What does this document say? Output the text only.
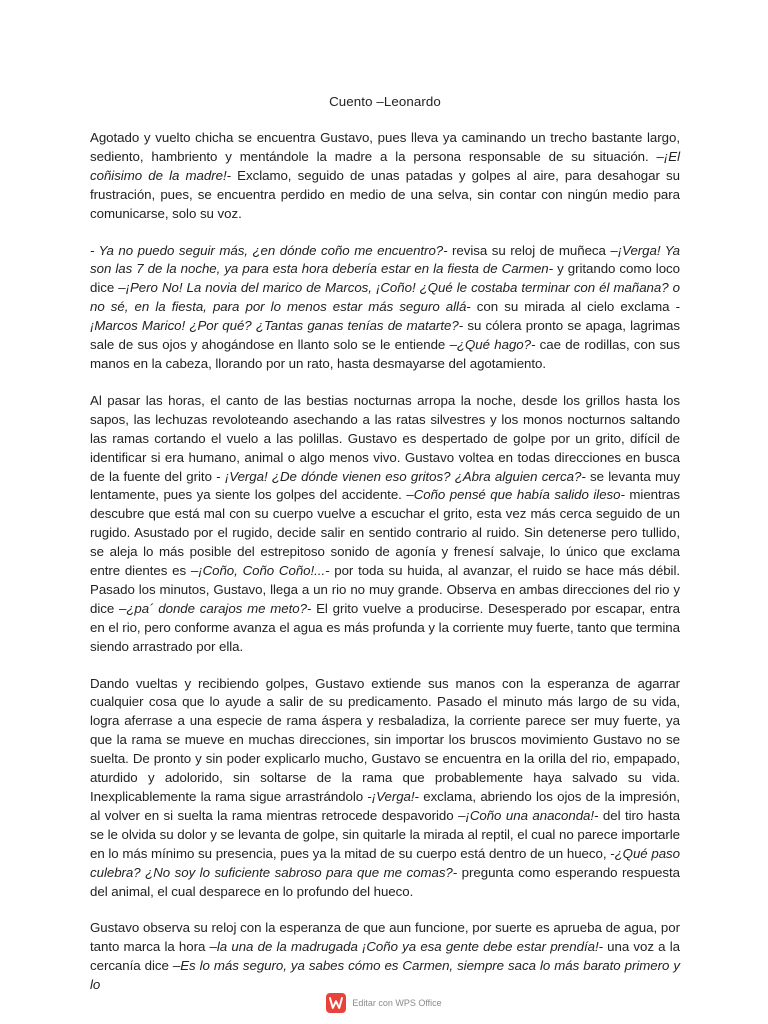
Cuento –Leonardo

Agotado y vuelto chicha se encuentra Gustavo, pues lleva ya caminando un trecho bastante largo, sediento, hambriento y mentándole la madre a la persona responsable de su situación. –¡El coñisimo de la madre!- Exclamo, seguido de unas patadas y golpes al aire, para desahogar su frustración, pues, se encuentra perdido en medio de una selva, sin contar con ningún medio para comunicarse, solo su voz.

- Ya no puedo seguir más, ¿en dónde coño me encuentro?- revisa su reloj de muñeca –¡Verga! Ya son las 7 de la noche, ya para esta hora debería estar en la fiesta de Carmen- y gritando como loco dice –¡Pero No! La novia del marico de Marcos, ¡Coño! ¿Qué le costaba terminar con él mañana? o no sé, en la fiesta, para por lo menos estar más seguro allá- con su mirada al cielo exclama - ¡Marcos Marico! ¿Por qué? ¿Tantas ganas tenías de matarte?- su cólera pronto se apaga, lagrimas sale de sus ojos y ahogándose en llanto solo se le entiende –¿Qué hago?- cae de rodillas, con sus manos en la cabeza, llorando por un rato, hasta desmayarse del agotamiento.

Al pasar las horas, el canto de las bestias nocturnas arropa la noche, desde los grillos hasta los sapos, las lechuzas revoloteando asechando a las ratas silvestres y los monos nocturnos saltando las ramas cortando el vuelo a las polillas. Gustavo es despertado de golpe por un grito, difícil de identificar si era humano, animal o algo menos vivo. Gustavo voltea en todas direcciones en busca de la fuente del grito - ¡Verga! ¿De dónde vienen eso gritos? ¿Abra alguien cerca?- se levanta muy lentamente, pues ya siente los golpes del accidente. –Coño pensé que había salido ileso- mientras descubre que está mal con su cuerpo vuelve a escuchar el grito, esta vez más cerca seguido de un rugido. Asustado por el rugido, decide salir en sentido contrario al ruido. Sin detenerse pero tullido, se aleja lo más posible del estrepitoso sonido de agonía y frenesí salvaje, lo único que exclama entre dientes es –¡Coño, Coño Coño!...- por toda su huida, al avanzar, el ruido se hace más débil. Pasado los minutos, Gustavo, llega a un rio no muy grande. Observa en ambas direcciones del rio y dice –¿pa´ donde carajos me meto?- El grito vuelve a producirse. Desesperado por escapar, entra en el rio, pero conforme avanza el agua es más profunda y la corriente muy fuerte, tanto que termina siendo arrastrado por ella.

Dando vueltas y recibiendo golpes, Gustavo extiende sus manos con la esperanza de agarrar cualquier cosa que lo ayude a salir de su predicamento. Pasado el minuto más largo de su vida, logra aferrase a una especie de rama áspera y resbaladiza, la corriente parece ser muy fuerte, ya que la rama se mueve en muchas direcciones, sin importar los bruscos movimiento Gustavo no se suelta. De pronto y sin poder explicarlo mucho, Gustavo se encuentra en la orilla del rio, empapado, aturdido y adolorido, sin soltarse de la rama que probablemente haya salvado su vida. Inexplicablemente la rama sigue arrastrándolo -¡Verga!- exclama, abriendo los ojos de la impresión, al volver en si suelta la rama mientras retrocede despavorido –¡Coño una anaconda!- del tiro hasta se le olvida su dolor y se levanta de golpe, sin quitarle la mirada al reptil, el cual no parece importarle en lo más mínimo su presencia, pues ya la mitad de su cuerpo está dentro de un hueco, -¿Qué paso culebra? ¿No soy lo suficiente sabroso para que me comas?- pregunta como esperando respuesta del animal, el cual desparece en lo profundo del hueco.

Gustavo observa su reloj con la esperanza de que aun funcione, por suerte es aprueba de agua, por tanto marca la hora –la una de la madrugada ¡Coño ya esa gente debe estar prendía!- una voz a la cercanía dice –Es lo más seguro, ya sabes cómo es Carmen, siempre saca lo más barato primero y lo

Editar con WPS Office
